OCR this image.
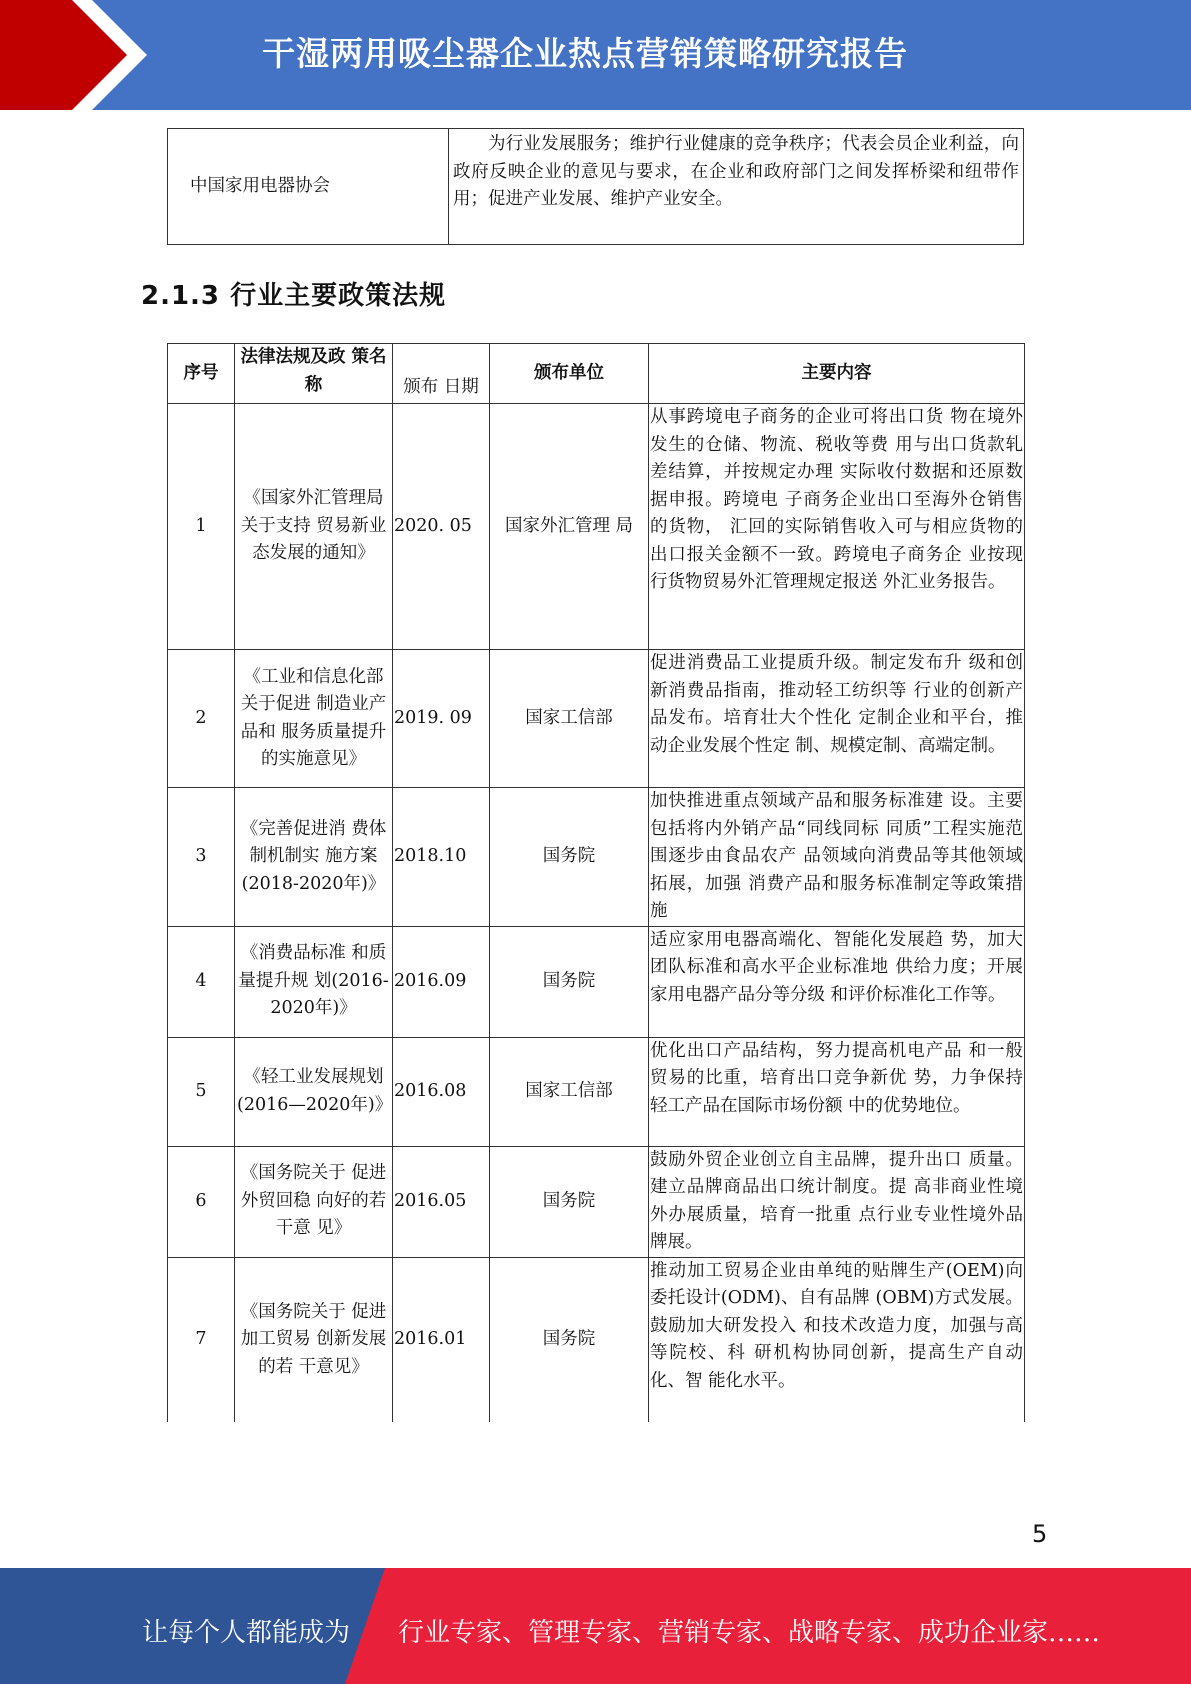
干湿两用吸尘器企业热点营销策略研究报告
中国家用电器协会	为行业发展服务；维护行业健康的竞争秩序；代表会员企业利益，向政府反映企业的意见与要求，在企业和政府部门之间发挥桥梁和纽带作用；促进产业发展、维护产业安全。
2.1.3 行业主要政策法规
序号	法律法规及政 策名称	颁布 日期	颁布单位	主要内容
1	《国家外汇管理局关于支持 贸易新业态发展的通知》	2020. 05	国家外汇管理 局	从事跨境电子商务的企业可将出口货 物在境外发生的仓储、物流、税收等费 用与出口货款轧差结算，并按规定办理 实际收付数据和还原数据申报。跨境电 子商务企业出口至海外仓销售的货物， 汇回的实际销售收入可与相应货物的 出口报关金额不一致。跨境电子商务企 业按现行货物贸易外汇管理规定报送 外汇业务报告。
2	《工业和信息化部关于促进 制造业产品和 服务质量提升 的实施意见》	2019. 09	国家工信部	促进消费品工业提质升级。制定发布升 级和创新消费品指南，推动轻工纺织等 行业的创新产品发布。培育壮大个性化 定制企业和平台，推动企业发展个性定 制、规模定制、高端定制。
3	《完善促进消 费体制机制实 施方案(2018-2020年)》	2018.10	国务院	加快推进重点领域产品和服务标准建 设。主要包括将内外销产品“同线同标 同质”工程实施范围逐步由食品农产 品领域向消费品等其他领域拓展，加强 消费产品和服务标准制定等政策措施
4	《消费品标准 和质量提升规 划(2016-2020年)》	2016.09	国务院	适应家用电器高端化、智能化发展趋 势，加大团队标准和高水平企业标准地 供给力度；开展家用电器产品分等分级 和评价标准化工作等。
5	《轻工业发展规划(2016—2020年)》	2016.08	国家工信部	优化出口产品结构，努力提高机电产品 和一般贸易的比重，培育出口竞争新优 势，力争保持轻工产品在国际市场份额 中的优势地位。
6	《国务院关于 促进外贸回稳 向好的若干意 见》	2016.05	国务院	鼓励外贸企业创立自主品牌，提升出口 质量。建立品牌商品出口统计制度。提 高非商业性境外办展质量，培育一批重 点行业专业性境外品牌展。
7	《国务院关于 促进加工贸易 创新发展的若 干意见》	2016.01	国务院	推动加工贸易企业由单纯的贴牌生产(OEM)向委托设计(ODM)、自有品牌 (OBM)方式发展。鼓励加大研发投入 和技术改造力度，加强与高等院校、科 研机构协同创新，提高生产自动化、智 能化水平。
5
让每个人都能成为 行业专家、管理专家、营销专家、战略专家、成功企业家……
